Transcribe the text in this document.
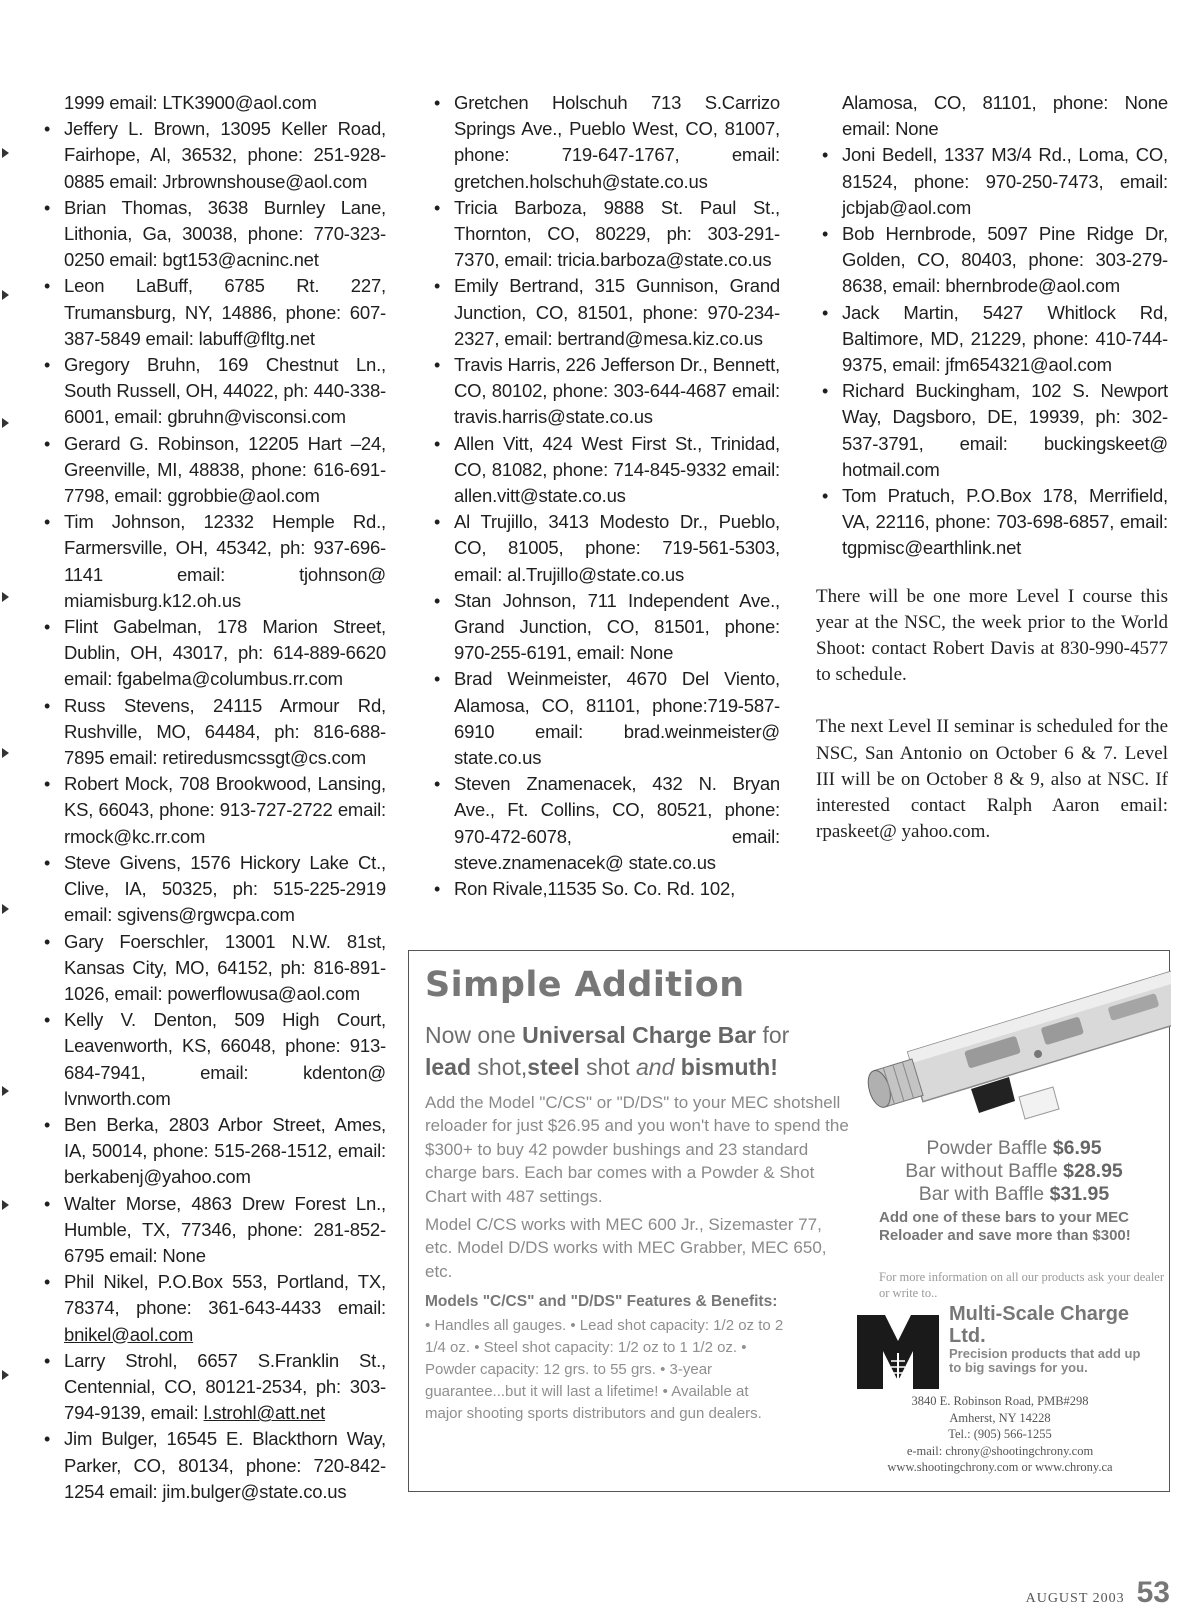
1999 email: LTK3900@aol.com
• Jeffery L. Brown, 13095 Keller Road, Fairhope, Al, 36532, phone: 251-928-0885 email: Jrbrownshouse@aol.com
• Brian Thomas, 3638 Burnley Lane, Lithonia, Ga, 30038, phone: 770-323-0250 email: bgt153@acninc.net
• Leon LaBuff, 6785 Rt. 227, Trumansburg, NY, 14886, phone: 607-387-5849 email: labuff@fltg.net
• Gregory Bruhn, 169 Chestnut Ln., South Russell, OH, 44022, ph: 440-338-6001, email: gbruhn@visconsi.com
• Gerard G. Robinson, 12205 Hart –24, Greenville, MI, 48838, phone: 616-691-7798, email: ggrobbie@aol.com
• Tim Johnson, 12332 Hemple Rd., Farmersville, OH, 45342, ph: 937-696-1141 email: tjohnson@ miamisburg.k12.oh.us
• Flint Gabelman, 178 Marion Street, Dublin, OH, 43017, ph: 614-889-6620 email: fgabelma@columbus.rr.com
• Russ Stevens, 24115 Armour Rd, Rushville, MO, 64484, ph: 816-688-7895 email: retiredusmcssgt@cs.com
• Robert Mock, 708 Brookwood, Lansing, KS, 66043, phone: 913-727-2722 email: rmock@kc.rr.com
• Steve Givens, 1576 Hickory Lake Ct., Clive, IA, 50325, ph: 515-225-2919 email: sgivens@rgwcpa.com
• Gary Foerschler, 13001 N.W. 81st, Kansas City, MO, 64152, ph: 816-891-1026, email: powerflowusa@aol.com
• Kelly V. Denton, 509 High Court, Leavenworth, KS, 66048, phone: 913-684-7941, email: kdenton@ lvnworth.com
• Ben Berka, 2803 Arbor Street, Ames, IA, 50014, phone: 515-268-1512, email: berkabenj@yahoo.com
• Walter Morse, 4863 Drew Forest Ln., Humble, TX, 77346, phone: 281-852-6795 email: None
• Phil Nikel, P.O.Box 553, Portland, TX, 78374, phone: 361-643-4433 email: bnikel@aol.com
• Larry Strohl, 6657 S.Franklin St., Centennial, CO, 80121-2534, ph: 303-794-9139, email: l.strohl@att.net
• Jim Bulger, 16545 E. Blackthorn Way, Parker, CO, 80134, phone: 720-842-1254 email: jim.bulger@state.co.us
• Gretchen Holschuh 713 S.Carrizo Springs Ave., Pueblo West, CO, 81007, phone: 719-647-1767, email: gretchen.holschuh@state.co.us
• Tricia Barboza, 9888 St. Paul St., Thornton, CO, 80229, ph: 303-291-7370, email: tricia.barboza@state.co.us
• Emily Bertrand, 315 Gunnison, Grand Junction, CO, 81501, phone: 970-234-2327, email: bertrand@mesa.kiz.co.us
• Travis Harris, 226 Jefferson Dr., Bennett, CO, 80102, phone: 303-644-4687 email: travis.harris@state.co.us
• Allen Vitt, 424 West First St., Trinidad, CO, 81082, phone: 714-845-9332 email: allen.vitt@state.co.us
• Al Trujillo, 3413 Modesto Dr., Pueblo, CO, 81005, phone: 719-561-5303, email: al.Trujillo@state.co.us
• Stan Johnson, 711 Independent Ave., Grand Junction, CO, 81501, phone: 970-255-6191, email: None
• Brad Weinmeister, 4670 Del Viento, Alamosa, CO, 81101, phone:719-587-6910 email: brad.weinmeister@ state.co.us
• Steven Znamenacek, 432 N. Bryan Ave., Ft. Collins, CO, 80521, phone: 970-472-6078, email: steve.znamenacek@ state.co.us
• Ron Rivale,11535 So. Co. Rd. 102,
Alamosa, CO, 81101, phone: None email: None
• Joni Bedell, 1337 M3/4 Rd., Loma, CO, 81524, phone: 970-250-7473, email: jcbjab@aol.com
• Bob Hernbrode, 5097 Pine Ridge Dr, Golden, CO, 80403, phone: 303-279-8638, email: bhernbrode@aol.com
• Jack Martin, 5427 Whitlock Rd, Baltimore, MD, 21229, phone: 410-744-9375, email: jfm654321@aol.com
• Richard Buckingham, 102 S. Newport Way, Dagsboro, DE, 19939, ph: 302-537-3791, email: buckingskeet@ hotmail.com
• Tom Pratuch, P.O.Box 178, Merrifield, VA, 22116, phone: 703-698-6857, email: tgpmisc@earthlink.net

There will be one more Level I course this year at the NSC, the week prior to the World Shoot: contact Robert Davis at 830-990-4577 to schedule.

The next Level II seminar is scheduled for the NSC, San Antonio on October 6 & 7. Level III will be on October 8 & 9, also at NSC. If interested contact Ralph Aaron email: rpaskeet@ yahoo.com.

Simple Addition
Now one Universal Charge Bar for
lead shot,steel shot and bismuth!
Add the Model "C/CS" or "D/DS" to your MEC shotshell reloader for just $26.95 and you won't have to spend the $300+ to buy 42 powder bushings and 23 standard charge bars. Each bar comes with a Powder & Shot Chart with 487 settings.
Model C/CS works with MEC 600 Jr., Sizemaster 77, etc. Model D/DS works with MEC Grabber, MEC 650, etc.
Models "C/CS" and "D/DS" Features & Benefits:
• Handles all gauges. • Lead shot capacity: 1/2 oz to 2 1/4 oz. • Steel shot capacity: 1/2 oz to 1 1/2 oz. • Powder capacity: 12 grs. to 55 grs. • 3-year guarantee...but it will last a lifetime! • Available at major shooting sports distributors and gun dealers.
Powder Baffle $6.95
Bar without Baffle $28.95
Bar with Baffle $31.95
Add one of these bars to your MEC Reloader and save more than $300!
For more information on all our products ask your dealer or write to..
Multi-Scale Charge Ltd.
Precision products that add up to big savings for you.
3840 E. Robinson Road, PMB#298
Amherst, NY 14228
Tel.: (905) 566-1255
e-mail: chrony@shootingchrony.com
www.shootingchrony.com or www.chrony.ca
AUGUST 2003 53
